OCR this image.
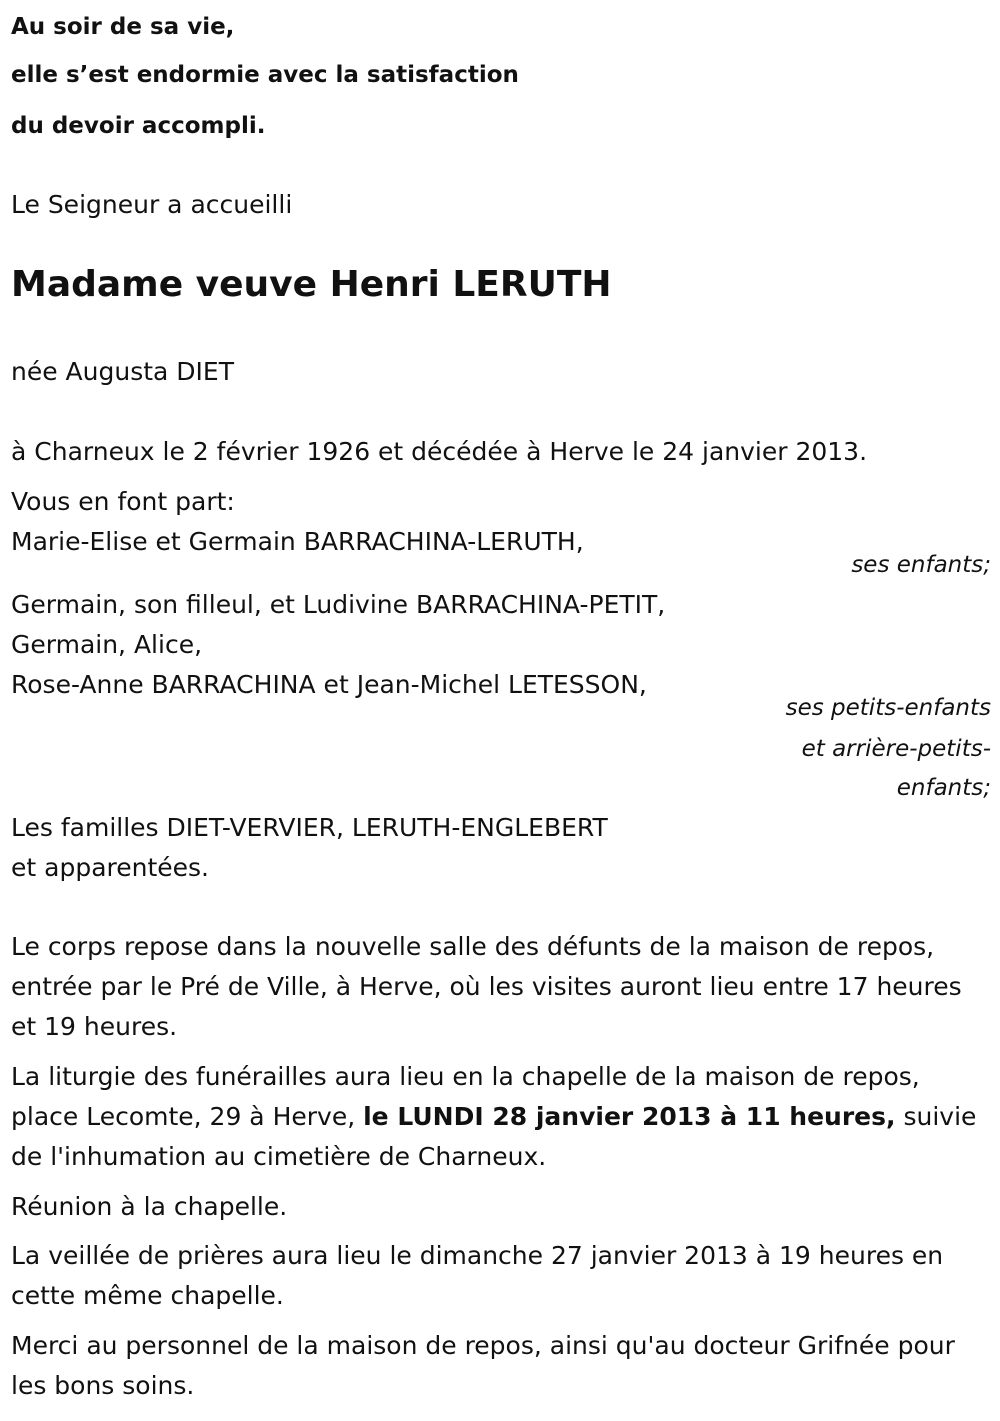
Au soir de sa vie,
elle s’est endormie avec la satisfaction
du devoir accompli.
Le Seigneur a accueilli
Madame veuve Henri LERUTH
née Augusta DIET
à Charneux le 2 février 1926 et décédée à Herve le 24 janvier 2013.
Vous en font part:
Marie-Elise et Germain BARRACHINA-LERUTH,
ses enfants;
Germain, son filleul, et Ludivine BARRACHINA-PETIT,
Germain, Alice,
Rose-Anne BARRACHINA et Jean-Michel LETESSON,
ses petits-enfants
et arrière-petits-
enfants;
Les familles DIET-VERVIER, LERUTH-ENGLEBERT
et apparentées.
Le corps repose dans la nouvelle salle des défunts de la maison de repos, entrée par le Pré de Ville, à Herve, où les visites auront lieu entre 17 heures et 19 heures.
La liturgie des funérailles aura lieu en la chapelle de la maison de repos, place Lecomte, 29 à Herve, le LUNDI 28 janvier 2013 à 11 heures, suivie de l'inhumation au cimetière de Charneux.
Réunion à la chapelle.
La veillée de prières aura lieu le dimanche 27 janvier 2013 à 19 heures en cette même chapelle.
Merci au personnel de la maison de repos, ainsi qu'au docteur Grifnée pour les bons soins.
